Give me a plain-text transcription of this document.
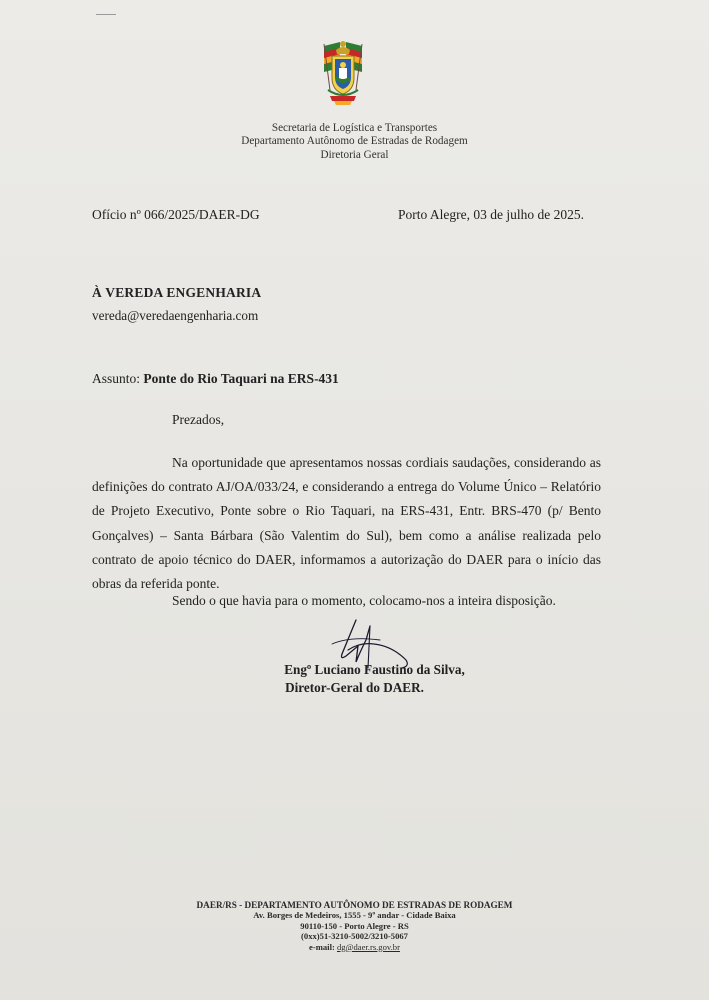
Secretaria de Logística e Transportes
Departamento Autônomo de Estradas de Rodagem
Diretoria Geral
Ofício nº 066/2025/DAER-DG	Porto Alegre, 03 de julho de 2025.
À VEREDA ENGENHARIA
vereda@veredaengenharia.com
Assunto: Ponte do Rio Taquari na ERS-431
Prezados,

Na oportunidade que apresentamos nossas cordiais saudações, considerando as definições do contrato AJ/OA/033/24, e considerando a entrega do Volume Único – Relatório de Projeto Executivo, Ponte sobre o Rio Taquari, na ERS-431, Entr. BRS-470 (p/ Bento Gonçalves) – Santa Bárbara (São Valentim do Sul), bem como a análise realizada pelo contrato de apoio técnico do DAER, informamos a autorização do DAER para o início das obras da referida ponte.

Sendo o que havia para o momento, colocamo-nos a inteira disposição.
Engº Luciano Faustino da Silva,
Diretor-Geral do DAER.
DAER/RS - DEPARTAMENTO AUTÔNOMO DE ESTRADAS DE RODAGEM
Av. Borges de Medeiros, 1555 - 9º andar - Cidade Baixa
90110-150 - Porto Alegre - RS
(0xx)51-3210-5002/3210-5067
e-mail: dg@daer.rs.gov.br
